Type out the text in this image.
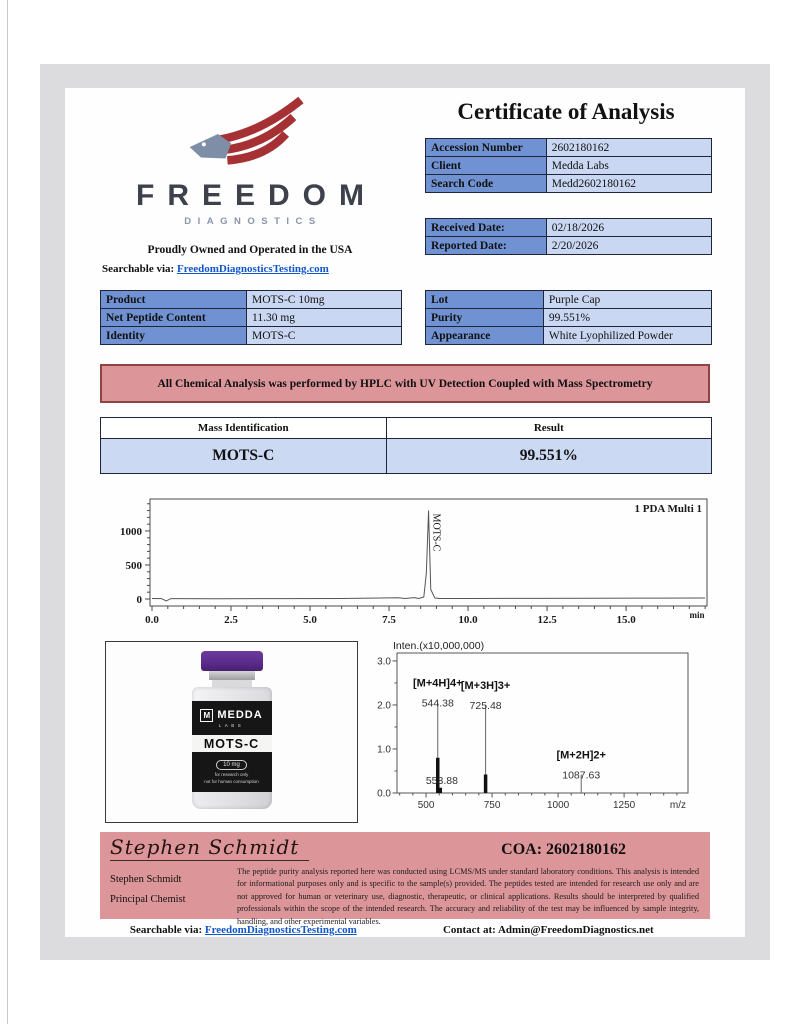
FREEDOM
DIAGNOSTICS
Proudly Owned and Operated in the USA
Searchable via: FreedomDiagnosticsTesting.com
Certificate of Analysis
Accession Number	2602180162
Client	Medda Labs
Search Code	Medd2602180162
Received Date:	02/18/2026
Reported Date:	2/20/2026
Product	MOTS-C 10mg
Net Peptide Content	11.30 mg
Identity	MOTS-C
Lot	Purple Cap
Purity	99.551%
Appearance	White Lyophilized Powder
All Chemical Analysis was performed by HPLC with UV Detection Coupled with Mass Spectrometry
Mass Identification	Result
MOTS-C	99.551%
0.0	2.5	5.0	7.5	10.0	12.5	15.0	min
0
500
1000	MOTS-C
1 PDA Multi 1
M MEDDA
LABS
MOTS-C
10 mg
for research only
not for human consumption
Inten.(x10,000,000)
500	750	1000	1250	m/z
0.0
1.0
2.0
3.0
[M+4H]4+
544.38
[M+3H]3+
725.48
[M+2H]2+
1087.63
553.88
Stephen Schmidt	COA: 2602180162
Stephen Schmidt
Principal Chemist
The peptide purity analysis reported here was conducted using LCMS/MS under standard laboratory conditions. This analysis is intended for informational purposes only and is specific to the sample(s) provided. The peptides tested are intended for research use only and are not approved for human or veterinary use, diagnostic, therapeutic, or clinical applications. Results should be interpreted by qualified professionals within the scope of the intended research. The accuracy and reliability of the test may be influenced by sample integrity, handling, and other experimental variables.
Searchable via: FreedomDiagnosticsTesting.com	Contact at: Admin@FreedomDiagnostics.net
